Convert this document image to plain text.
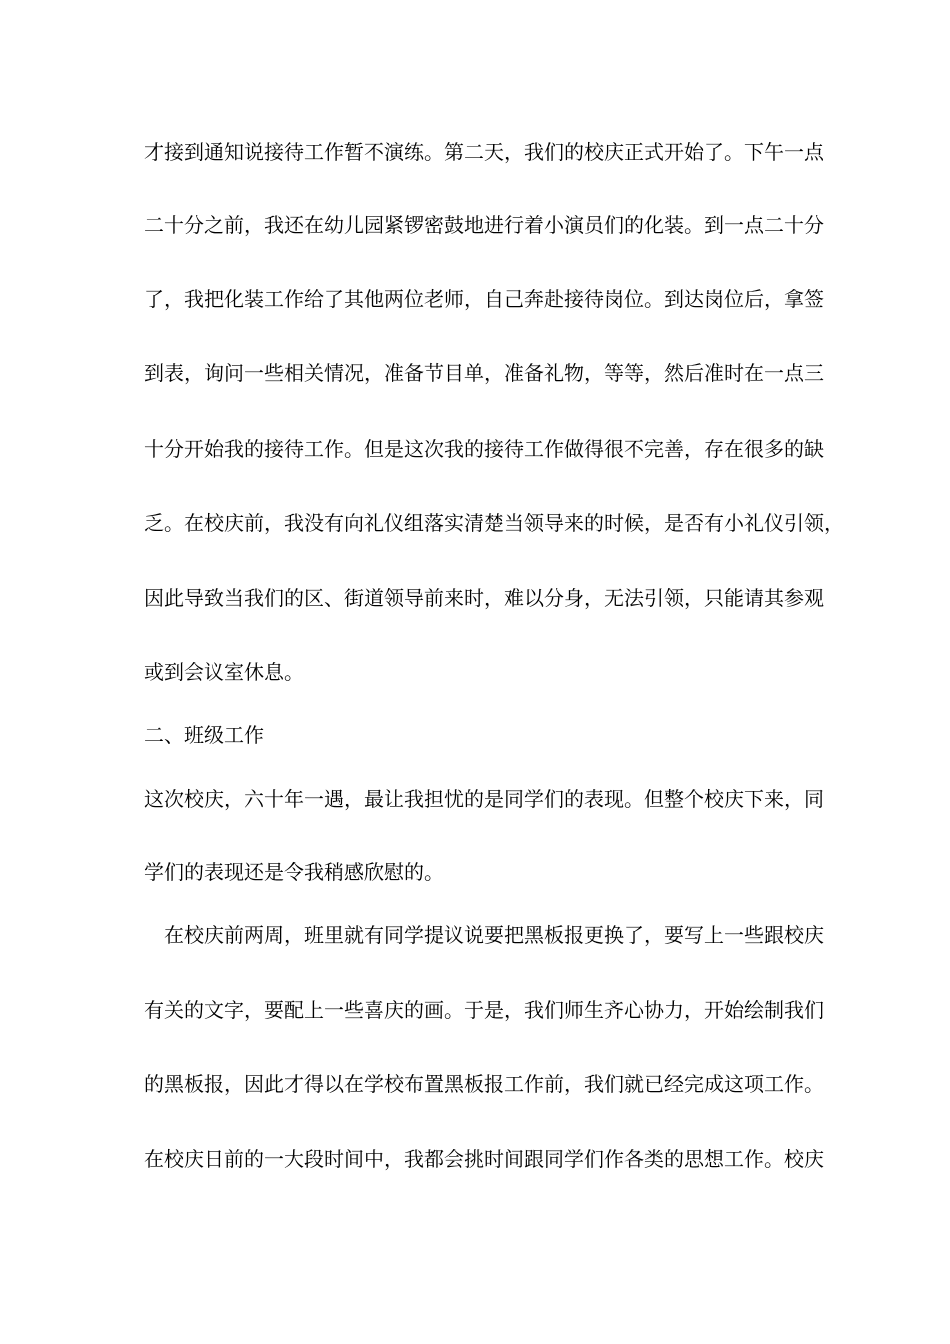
才接到通知说接待工作暂不演练。第二天，我们的校庆正式开始了。下午一点
二十分之前，我还在幼儿园紧锣密鼓地进行着小演员们的化装。到一点二十分
了，我把化装工作给了其他两位老师，自己奔赴接待岗位。到达岗位后，拿签
到表，询问一些相关情况，准备节目单，准备礼物，等等，然后准时在一点三
十分开始我的接待工作。但是这次我的接待工作做得很不完善，存在很多的缺
乏。在校庆前，我没有向礼仪组落实清楚当领导来的时候，是否有小礼仪引领，
因此导致当我们的区、街道领导前来时，难以分身，无法引领，只能请其参观
或到会议室休息。
二、班级工作
这次校庆，六十年一遇，最让我担忧的是同学们的表现。但整个校庆下来，同
学们的表现还是令我稍感欣慰的。
　在校庆前两周，班里就有同学提议说要把黑板报更换了，要写上一些跟校庆
有关的文字，要配上一些喜庆的画。于是，我们师生齐心协力，开始绘制我们
的黑板报，因此才得以在学校布置黑板报工作前，我们就已经完成这项工作。
在校庆日前的一大段时间中，我都会挑时间跟同学们作各类的思想工作。校庆
